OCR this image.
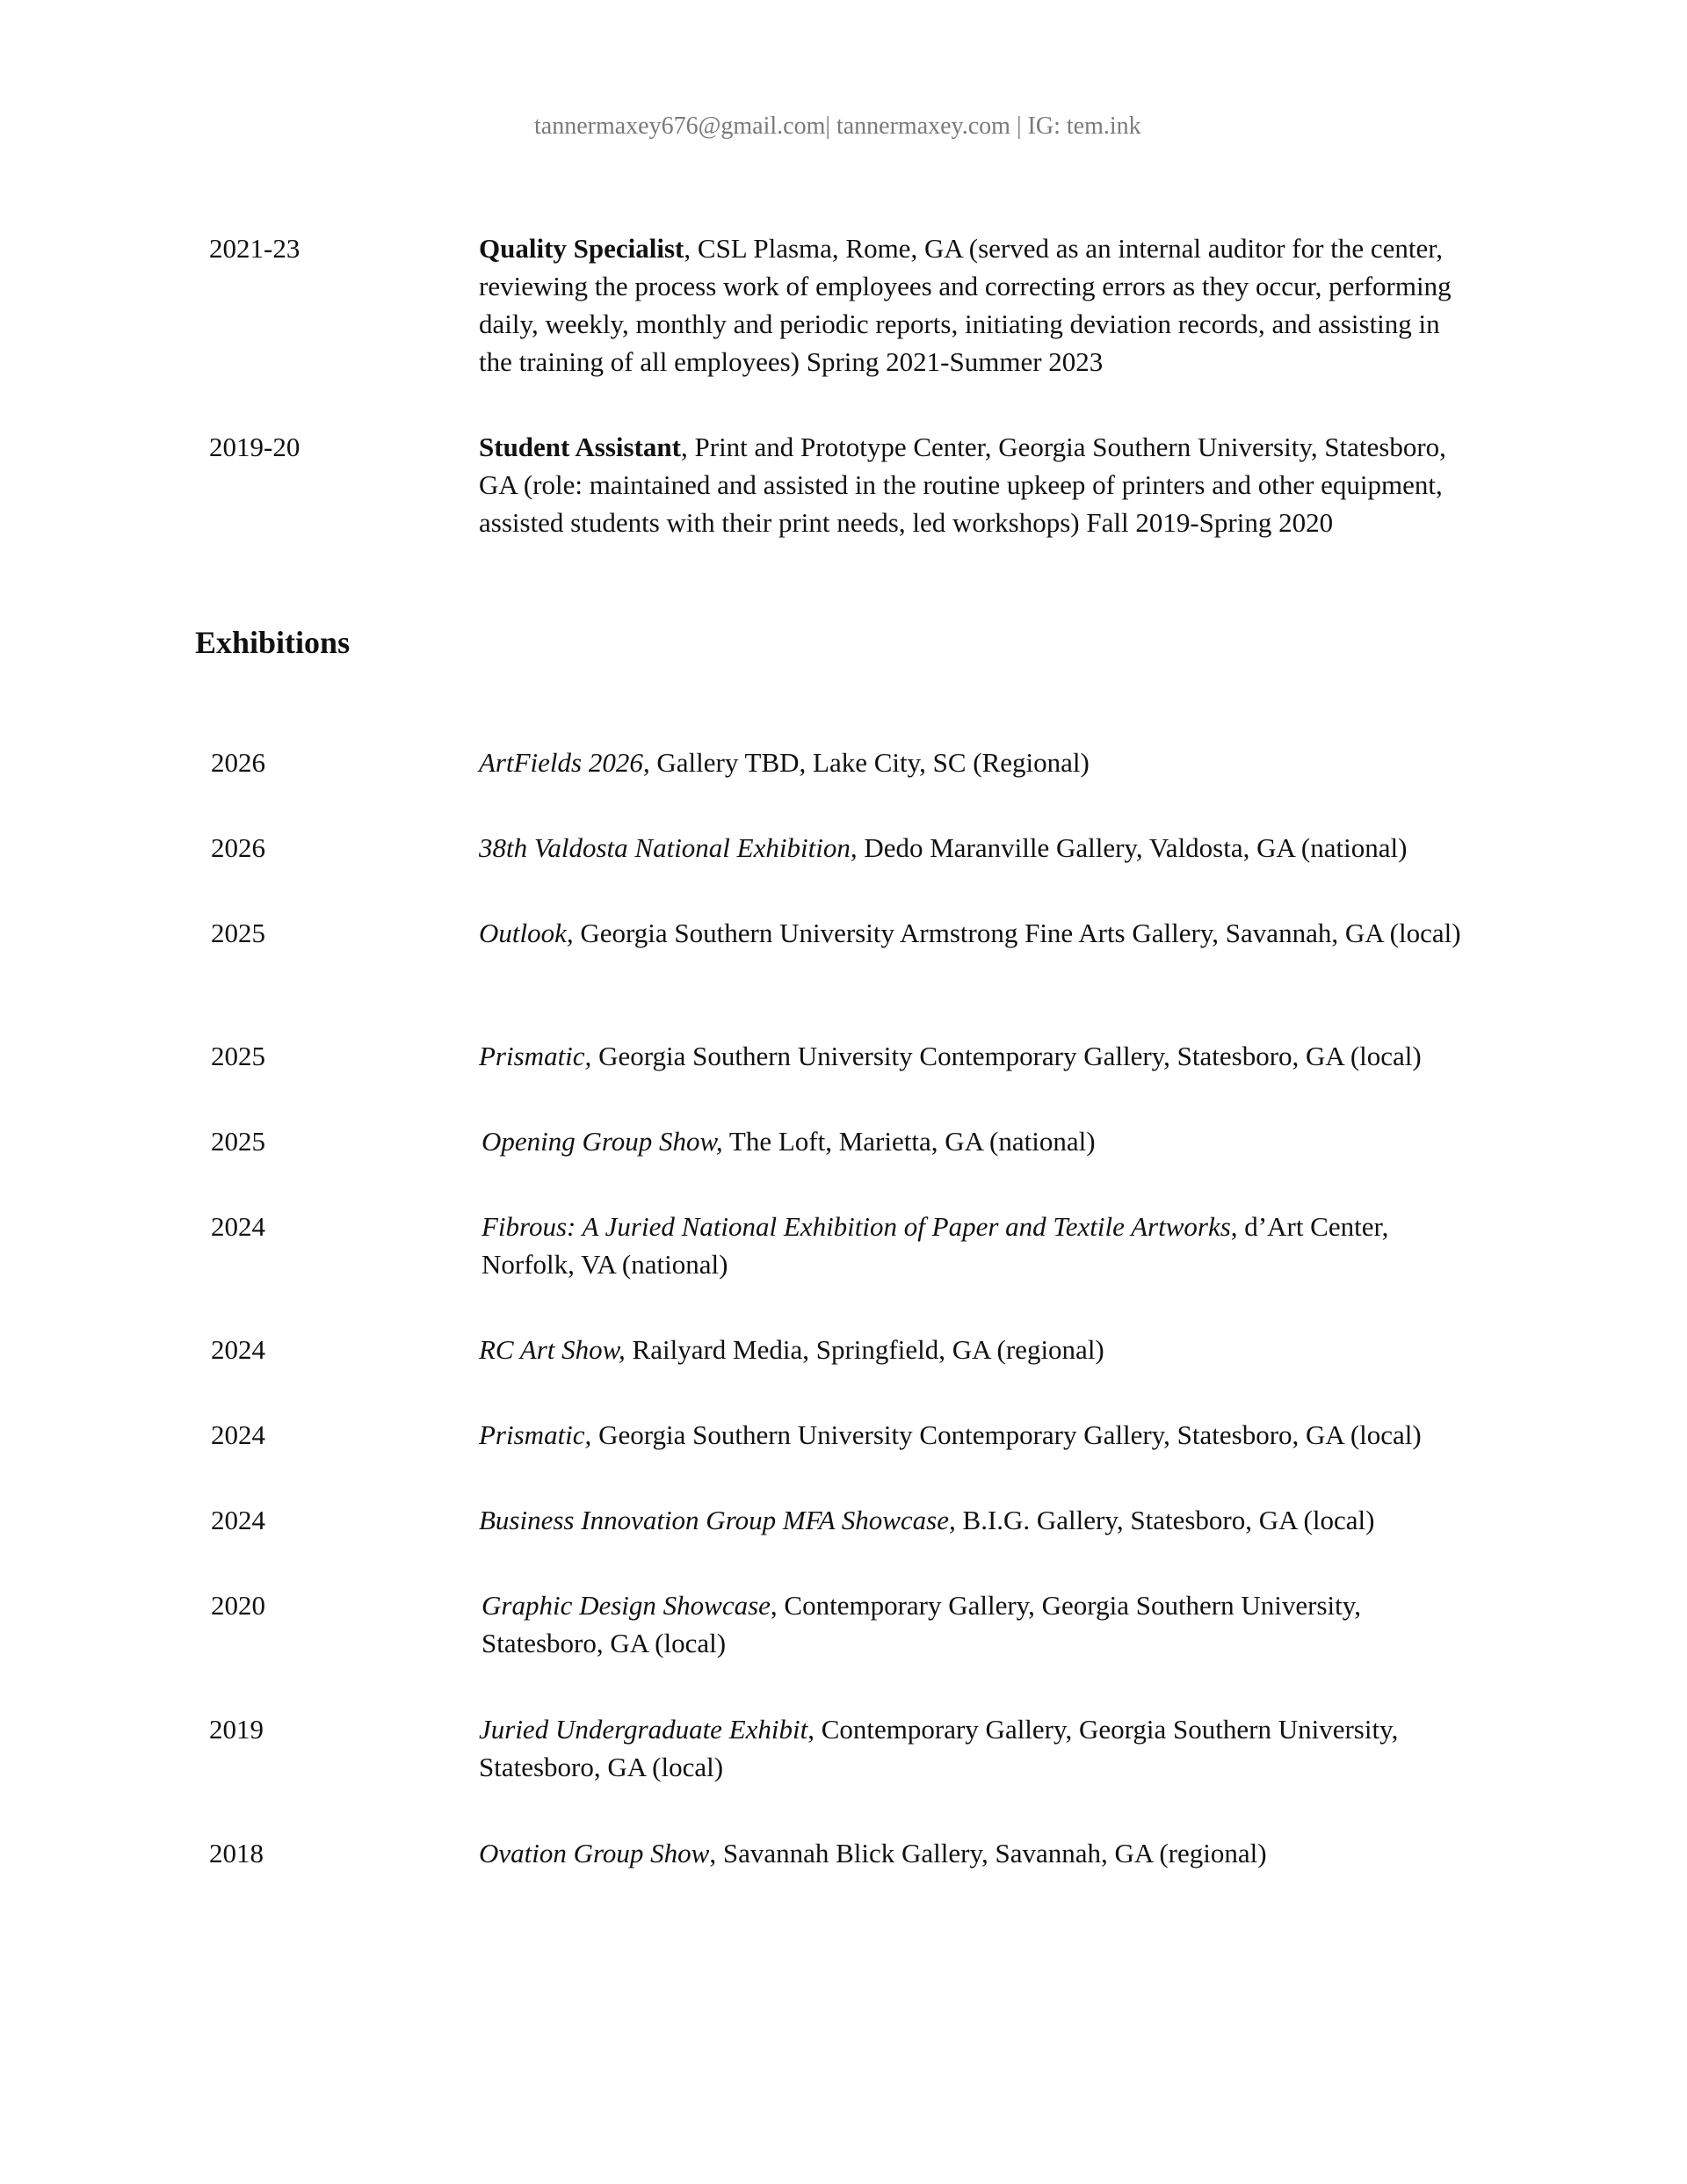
tannermaxey676@gmail.com| tannermaxey.com | IG: tem.ink
2021-23	Quality Specialist, CSL Plasma, Rome, GA (served as an internal auditor for the center, reviewing the process work of employees and correcting errors as they occur, performing daily, weekly, monthly and periodic reports, initiating deviation records, and assisting in the training of all employees) Spring 2021-Summer 2023
2019-20	Student Assistant, Print and Prototype Center, Georgia Southern University, Statesboro, GA (role: maintained and assisted in the routine upkeep of printers and other equipment, assisted students with their print needs, led workshops) Fall 2019-Spring 2020
Exhibitions
2026	ArtFields 2026, Gallery TBD, Lake City, SC (Regional)
2026	38th Valdosta National Exhibition, Dedo Maranville Gallery, Valdosta, GA (national)
2025	Outlook, Georgia Southern University Armstrong Fine Arts Gallery, Savannah, GA (local)
2025	Prismatic, Georgia Southern University Contemporary Gallery, Statesboro, GA (local)
2025	Opening Group Show, The Loft, Marietta, GA (national)
2024	Fibrous: A Juried National Exhibition of Paper and Textile Artworks, d’Art Center, Norfolk, VA (national)
2024	RC Art Show, Railyard Media, Springfield, GA (regional)
2024	Prismatic, Georgia Southern University Contemporary Gallery, Statesboro, GA (local)
2024	Business Innovation Group MFA Showcase, B.I.G. Gallery, Statesboro, GA (local)
2020	Graphic Design Showcase, Contemporary Gallery, Georgia Southern University, Statesboro, GA (local)
2019	Juried Undergraduate Exhibit, Contemporary Gallery, Georgia Southern University, Statesboro, GA (local)
2018	Ovation Group Show, Savannah Blick Gallery, Savannah, GA (regional)
